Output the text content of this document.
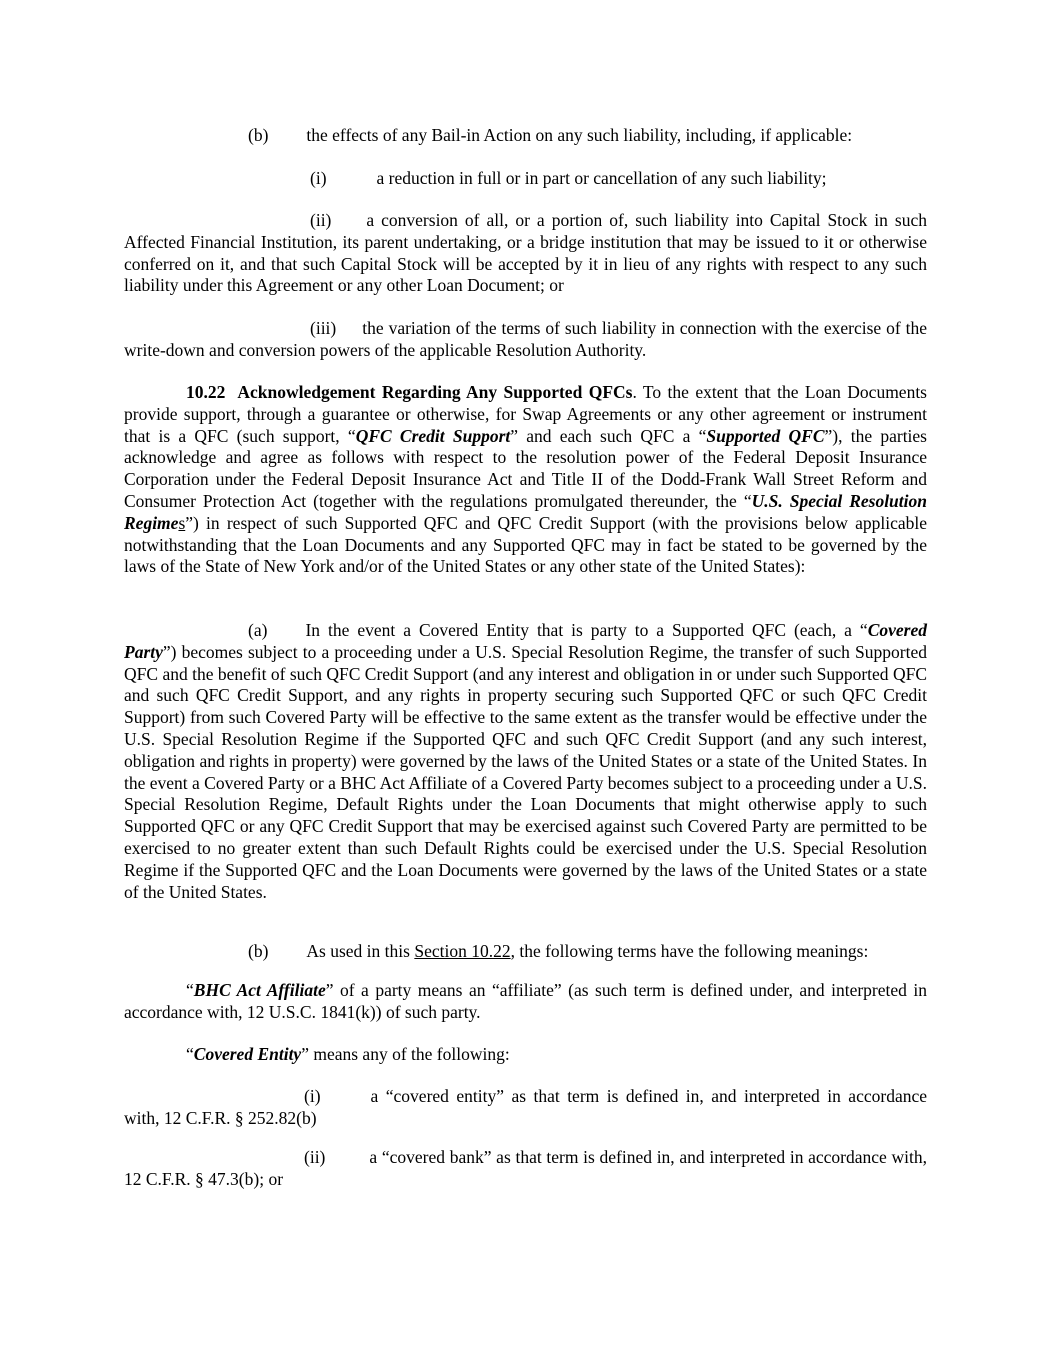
(b) the effects of any Bail-in Action on any such liability, including, if applicable:

(i)	a reduction in full or in part or cancellation of any such liability;

(ii) a conversion of all, or a portion of, such liability into Capital Stock in such Affected Financial Institution, its parent undertaking, or a bridge institution that may be issued to it or otherwise conferred on it, and that such Capital Stock will be accepted by it in lieu of any rights with respect to any such liability under this Agreement or any other Loan Document; or

(iii) the variation of the terms of such liability in connection with the exercise of the write-down and conversion powers of the applicable Resolution Authority.

10.22 Acknowledgement Regarding Any Supported QFCs. To the extent that the Loan Documents provide support, through a guarantee or otherwise, for Swap Agreements or any other agreement or instrument that is a QFC (such support, “QFC Credit Support” and each such QFC a “Supported QFC”), the parties acknowledge and agree as follows with respect to the resolution power of the Federal Deposit Insurance Corporation under the Federal Deposit Insurance Act and Title II of the Dodd-Frank Wall Street Reform and Consumer Protection Act (together with the regulations promulgated thereunder, the “U.S. Special Resolution Regimes”) in respect of such Supported QFC and QFC Credit Support (with the provisions below applicable notwithstanding that the Loan Documents and any Supported QFC may in fact be stated to be governed by the laws of the State of New York and/or of the United States or any other state of the United States):

(a) In the event a Covered Entity that is party to a Supported QFC (each, a “Covered Party”) becomes subject to a proceeding under a U.S. Special Resolution Regime, the transfer of such Supported QFC and the benefit of such QFC Credit Support (and any interest and obligation in or under such Supported QFC and such QFC Credit Support, and any rights in property securing such Supported QFC or such QFC Credit Support) from such Covered Party will be effective to the same extent as the transfer would be effective under the U.S. Special Resolution Regime if the Supported QFC and such QFC Credit Support (and any such interest, obligation and rights in property) were governed by the laws of the United States or a state of the United States. In the event a Covered Party or a BHC Act Affiliate of a Covered Party becomes subject to a proceeding under a U.S. Special Resolution Regime, Default Rights under the Loan Documents that might otherwise apply to such Supported QFC or any QFC Credit Support that may be exercised against such Covered Party are permitted to be exercised to no greater extent than such Default Rights could be exercised under the U.S. Special Resolution Regime if the Supported QFC and the Loan Documents were governed by the laws of the United States or a state of the United States.

(b) As used in this Section 10.22, the following terms have the following meanings:

“BHC Act Affiliate” of a party means an “affiliate” (as such term is defined under, and interpreted in accordance with, 12 U.S.C. 1841(k)) of such party.

“Covered Entity” means any of the following:

(i)	a “covered entity” as that term is defined in, and interpreted in accordance with, 12 C.F.R. § 252.82(b)

(ii)	a “covered bank” as that term is defined in, and interpreted in accordance with, 12 C.F.R. § 47.3(b); or
